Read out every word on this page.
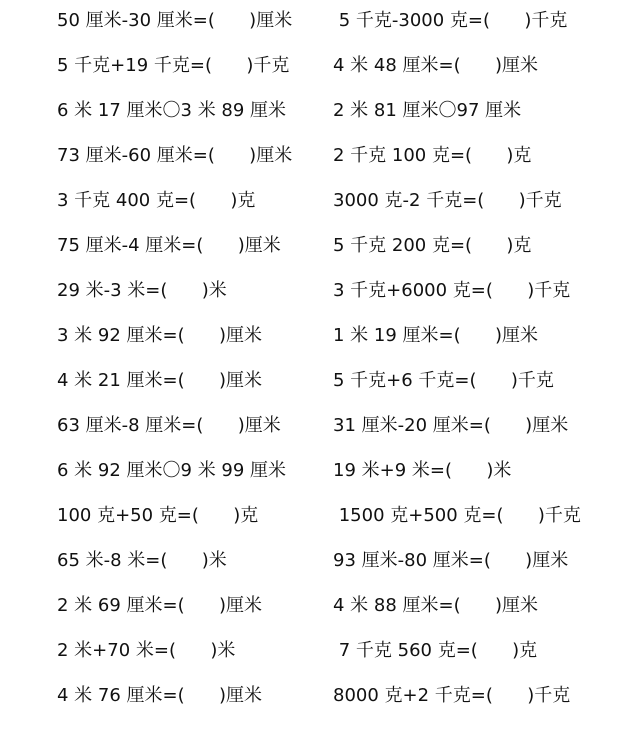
50 厘米-30 厘米=(      )厘米 5 千克-3000 克=(      )千克
5 千克+19 千克=(      )千克 4 米 48 厘米=(      )厘米
6 米 17 厘米〇3 米 89 厘米	2 米 81 厘米〇97 厘米
73 厘米-60 厘米=(      )厘米 2 千克 100 克=(      )克
3 千克 400 克=(      )克	3000 克-2 千克=(      )千克
75 厘米-4 厘米=(      )厘米	5 千克 200 克=(      )克
29 米-3 米=(      )米	3 千克+6000 克=(      )千克
3 米 92 厘米=(      )厘米	1 米 19 厘米=(      )厘米
4 米 21 厘米=(      )厘米	5 千克+6 千克=(      )千克
63 厘米-8 厘米=(      )厘米	31 厘米-20 厘米=(      )厘米
6 米 92 厘米〇9 米 99 厘米	19 米+9 米=(      )米
100 克+50 克=(      )克	1500 克+500 克=(      )千克
65 米-8 米=(      )米	93 厘米-80 厘米=(      )厘米
2 米 69 厘米=(      )厘米	4 米 88 厘米=(      )厘米
2 米+70 米=(      )米	7 千克 560 克=(      )克
4 米 76 厘米=(      )厘米	8000 克+2 千克=(      )千克
